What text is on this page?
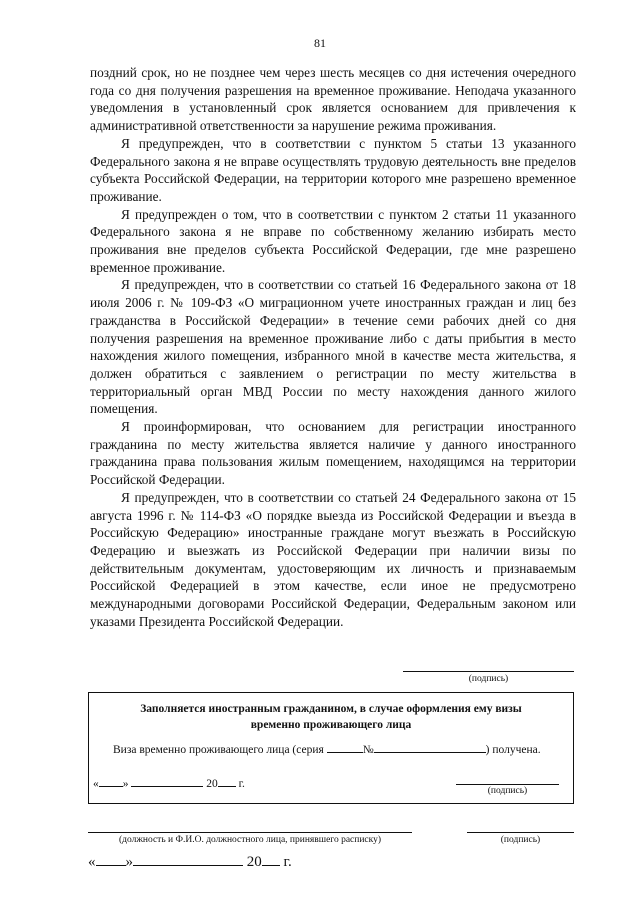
81

поздний срок, но не позднее чем через шесть месяцев со дня истечения очередного года со дня получения разрешения на временное проживание. Неподача указанного уведомления в установленный срок является основанием для привлечения к административной ответственности за нарушение режима проживания.

Я предупрежден, что в соответствии с пунктом 5 статьи 13 указанного Федерального закона я не вправе осуществлять трудовую деятельность вне пределов субъекта Российской Федерации, на территории которого мне разрешено временное проживание.

Я предупрежден о том, что в соответствии с пунктом 2 статьи 11 указанного Федерального закона я не вправе по собственному желанию избирать место проживания вне пределов субъекта Российской Федерации, где мне разрешено временное проживание.

Я предупрежден, что в соответствии со статьей 16 Федерального закона от 18 июля 2006 г. № 109-ФЗ «О миграционном учете иностранных граждан и лиц без гражданства в Российской Федерации» в течение семи рабочих дней со дня получения разрешения на временное проживание либо с даты прибытия в место нахождения жилого помещения, избранного мной в качестве места жительства, я должен обратиться с заявлением о регистрации по месту жительства в территориальный орган МВД России по месту нахождения данного жилого помещения.

Я проинформирован, что основанием для регистрации иностранного гражданина по месту жительства является наличие у данного иностранного гражданина права пользования жилым помещением, находящимся на территории Российской Федерации.

Я предупрежден, что в соответствии со статьей 24 Федерального закона от 15 августа 1996 г. № 114-ФЗ «О порядке выезда из Российской Федерации и въезда в Российскую Федерацию» иностранные граждане могут въезжать в Российскую Федерацию и выезжать из Российской Федерации при наличии визы по действительным документам, удостоверяющим их личность и признаваемым Российской Федерацией в этом качестве, если иное не предусмотрено международными договорами Российской Федерации, Федеральным законом или указами Президента Российской Федерации.

(подпись)
Заполняется иностранным гражданином, в случае оформления ему визы
временно проживающего лица
Виза временно проживающего лица (серия	№	) получена.
« »	20 г.
(подпись)
(должность и Ф.И.О. должностного лица, принявшего расписку)	(подпись)
« »	20 г.
